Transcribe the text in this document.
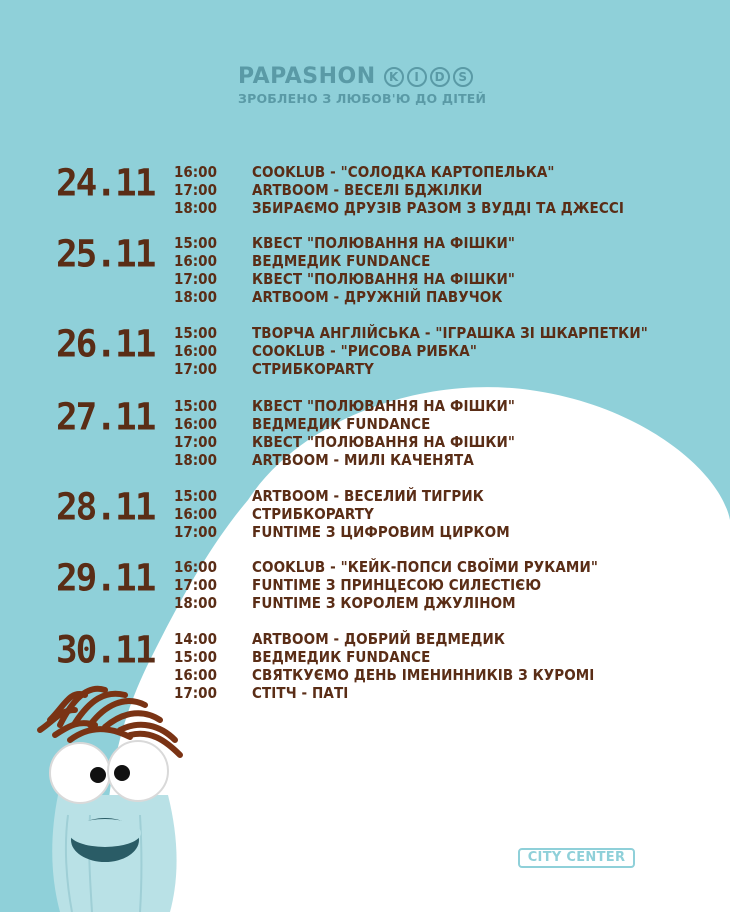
PAPASHON	K	I	D	S
ЗРОБЛЕНО З ЛЮБОВ'Ю ДО ДІТЕЙ
24.11	16:00 COOKLUB - "СОЛОДКА КАРТОПЕЛЬКА"
17:00 ARTBOOM - ВЕСЕЛІ БДЖІЛКИ
18:00 ЗБИРАЄМО ДРУЗІВ РАЗОМ З ВУДДІ ТА ДЖЕССІ
25.11	15:00 КВЕСТ "ПОЛЮВАННЯ НА ФІШКИ"
16:00 ВЕДМЕДИК FUNDANCE
17:00 КВЕСТ "ПОЛЮВАННЯ НА ФІШКИ"
18:00 ARTBOOM - ДРУЖНІЙ ПАВУЧОК
26.11	15:00 ТВОРЧА АНГЛІЙСЬКА - "ІГРАШКА ЗІ ШКАРПЕТКИ"
16:00 COOKLUB - "РИСОВА РИБКА"
17:00 СТРИБКОPARTY
27.11	15:00 КВЕСТ "ПОЛЮВАННЯ НА ФІШКИ"
16:00 ВЕДМЕДИК FUNDANCE
17:00 КВЕСТ "ПОЛЮВАННЯ НА ФІШКИ"
18:00 ARTBOOM - МИЛІ КАЧЕНЯТА
28.11	15:00 ARTBOOM - ВЕСЕЛИЙ ТИГРИК
16:00 СТРИБКОPARTY
17:00 FUNTIME З ЦИФРОВИМ ЦИРКОМ
29.11	16:00 COOKLUB - "КЕЙК-ПОПСИ СВОЇМИ РУКАМИ"
17:00 FUNTIME З ПРИНЦЕСОЮ СИЛЕСТІЄЮ
18:00 FUNTIME З КОРОЛЕМ ДЖУЛІНОМ
30.11	14:00 ARTBOOM - ДОБРИЙ ВЕДМЕДИК
15:00 ВЕДМЕДИК FUNDANCE
16:00 СВЯТКУЄМО ДЕНЬ ІМЕНИННИКІВ З КУРОМІ
17:00 СТІТЧ - ПАТІ
CITY CENTER
